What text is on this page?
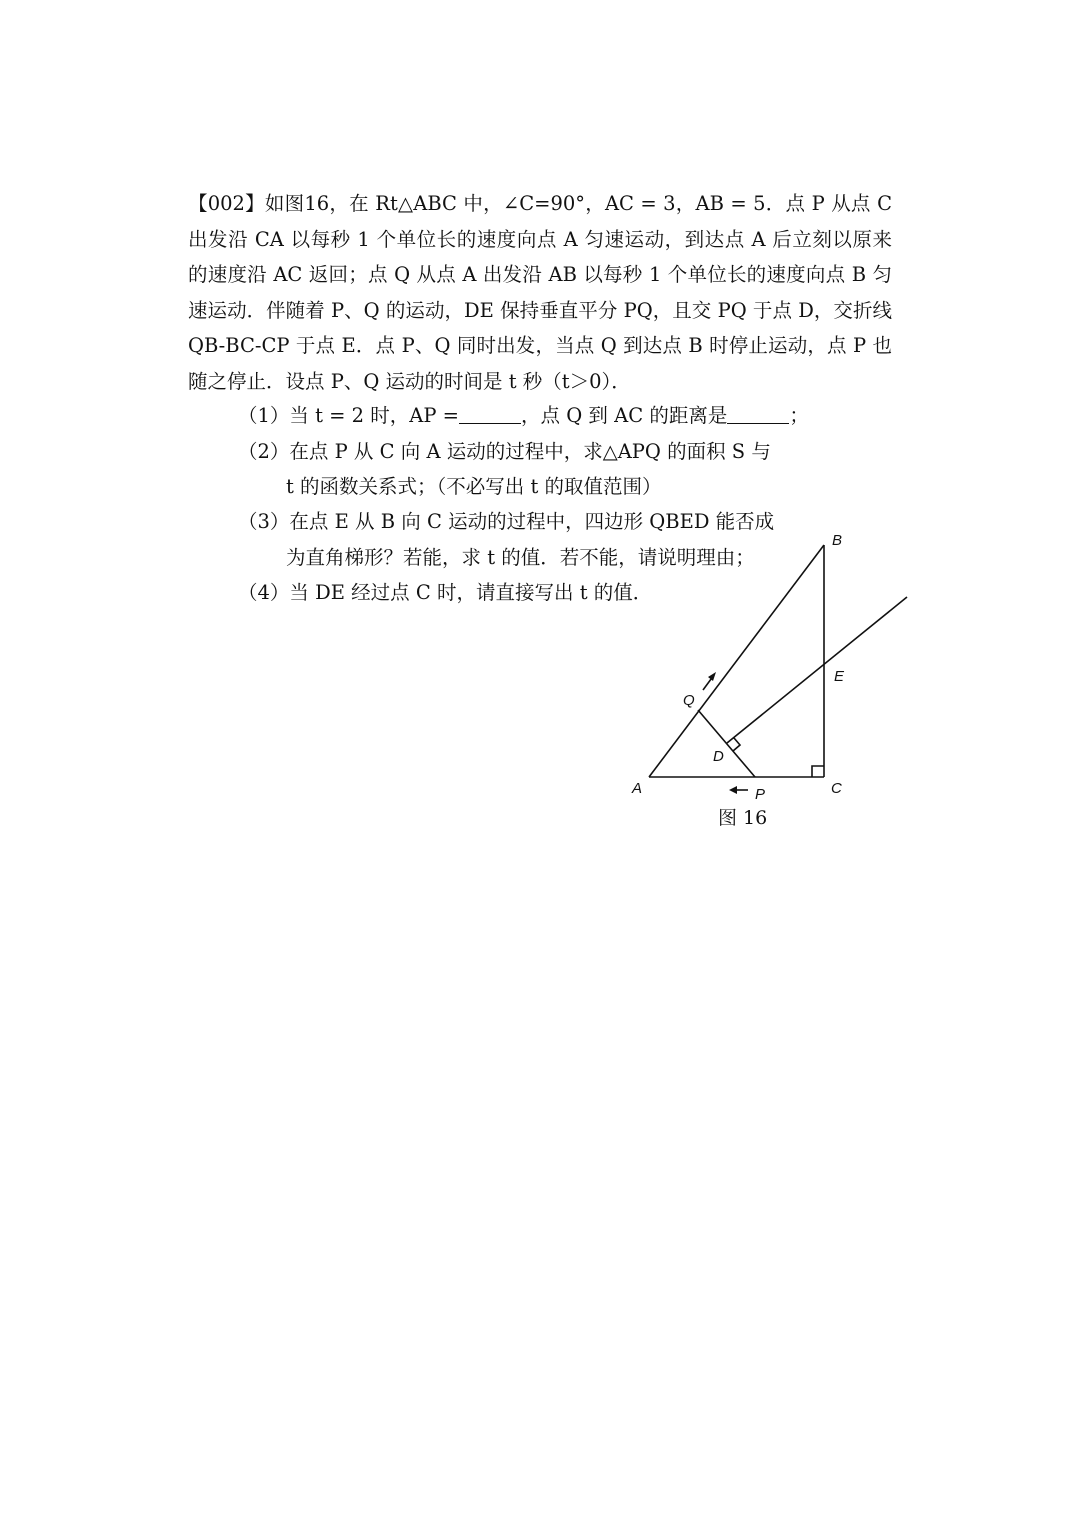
【002】如图16，在 Rt△ABC 中，∠C=90°，AC = 3，AB = 5．点 P 从点 C 出发沿 CA 以每秒 1 个单位长的速度向点 A 匀速运动，到达点 A 后立刻以原来的速度沿 AC 返回；点 Q 从点 A 出发沿 AB 以每秒 1 个单位长的速度向点 B 匀速运动．伴随着 P、Q 的运动，DE 保持垂直平分 PQ，且交 PQ 于点 D，交折线 QB-BC-CP 于点 E．点 P、Q 同时出发，当点 Q 到达点 B 时停止运动，点 P 也随之停止．设点 P、Q 运动的时间是 t 秒（t＞0）．

（1）当 t = 2 时，AP =	，点 Q 到 AC 的距离是	；
（2）在点 P 从 C 向 A 运动的过程中，求△APQ 的面积 S 与
t 的函数关系式；（不必写出 t 的取值范围）
（3）在点 E 从 B 向 C 运动的过程中，四边形 QBED 能否成
为直角梯形？若能，求 t 的值．若不能，请说明理由；
（4）当 DE 经过点 C 时，请直接写出 t 的值．
B
E
Q
D
A	P	C
图 16
